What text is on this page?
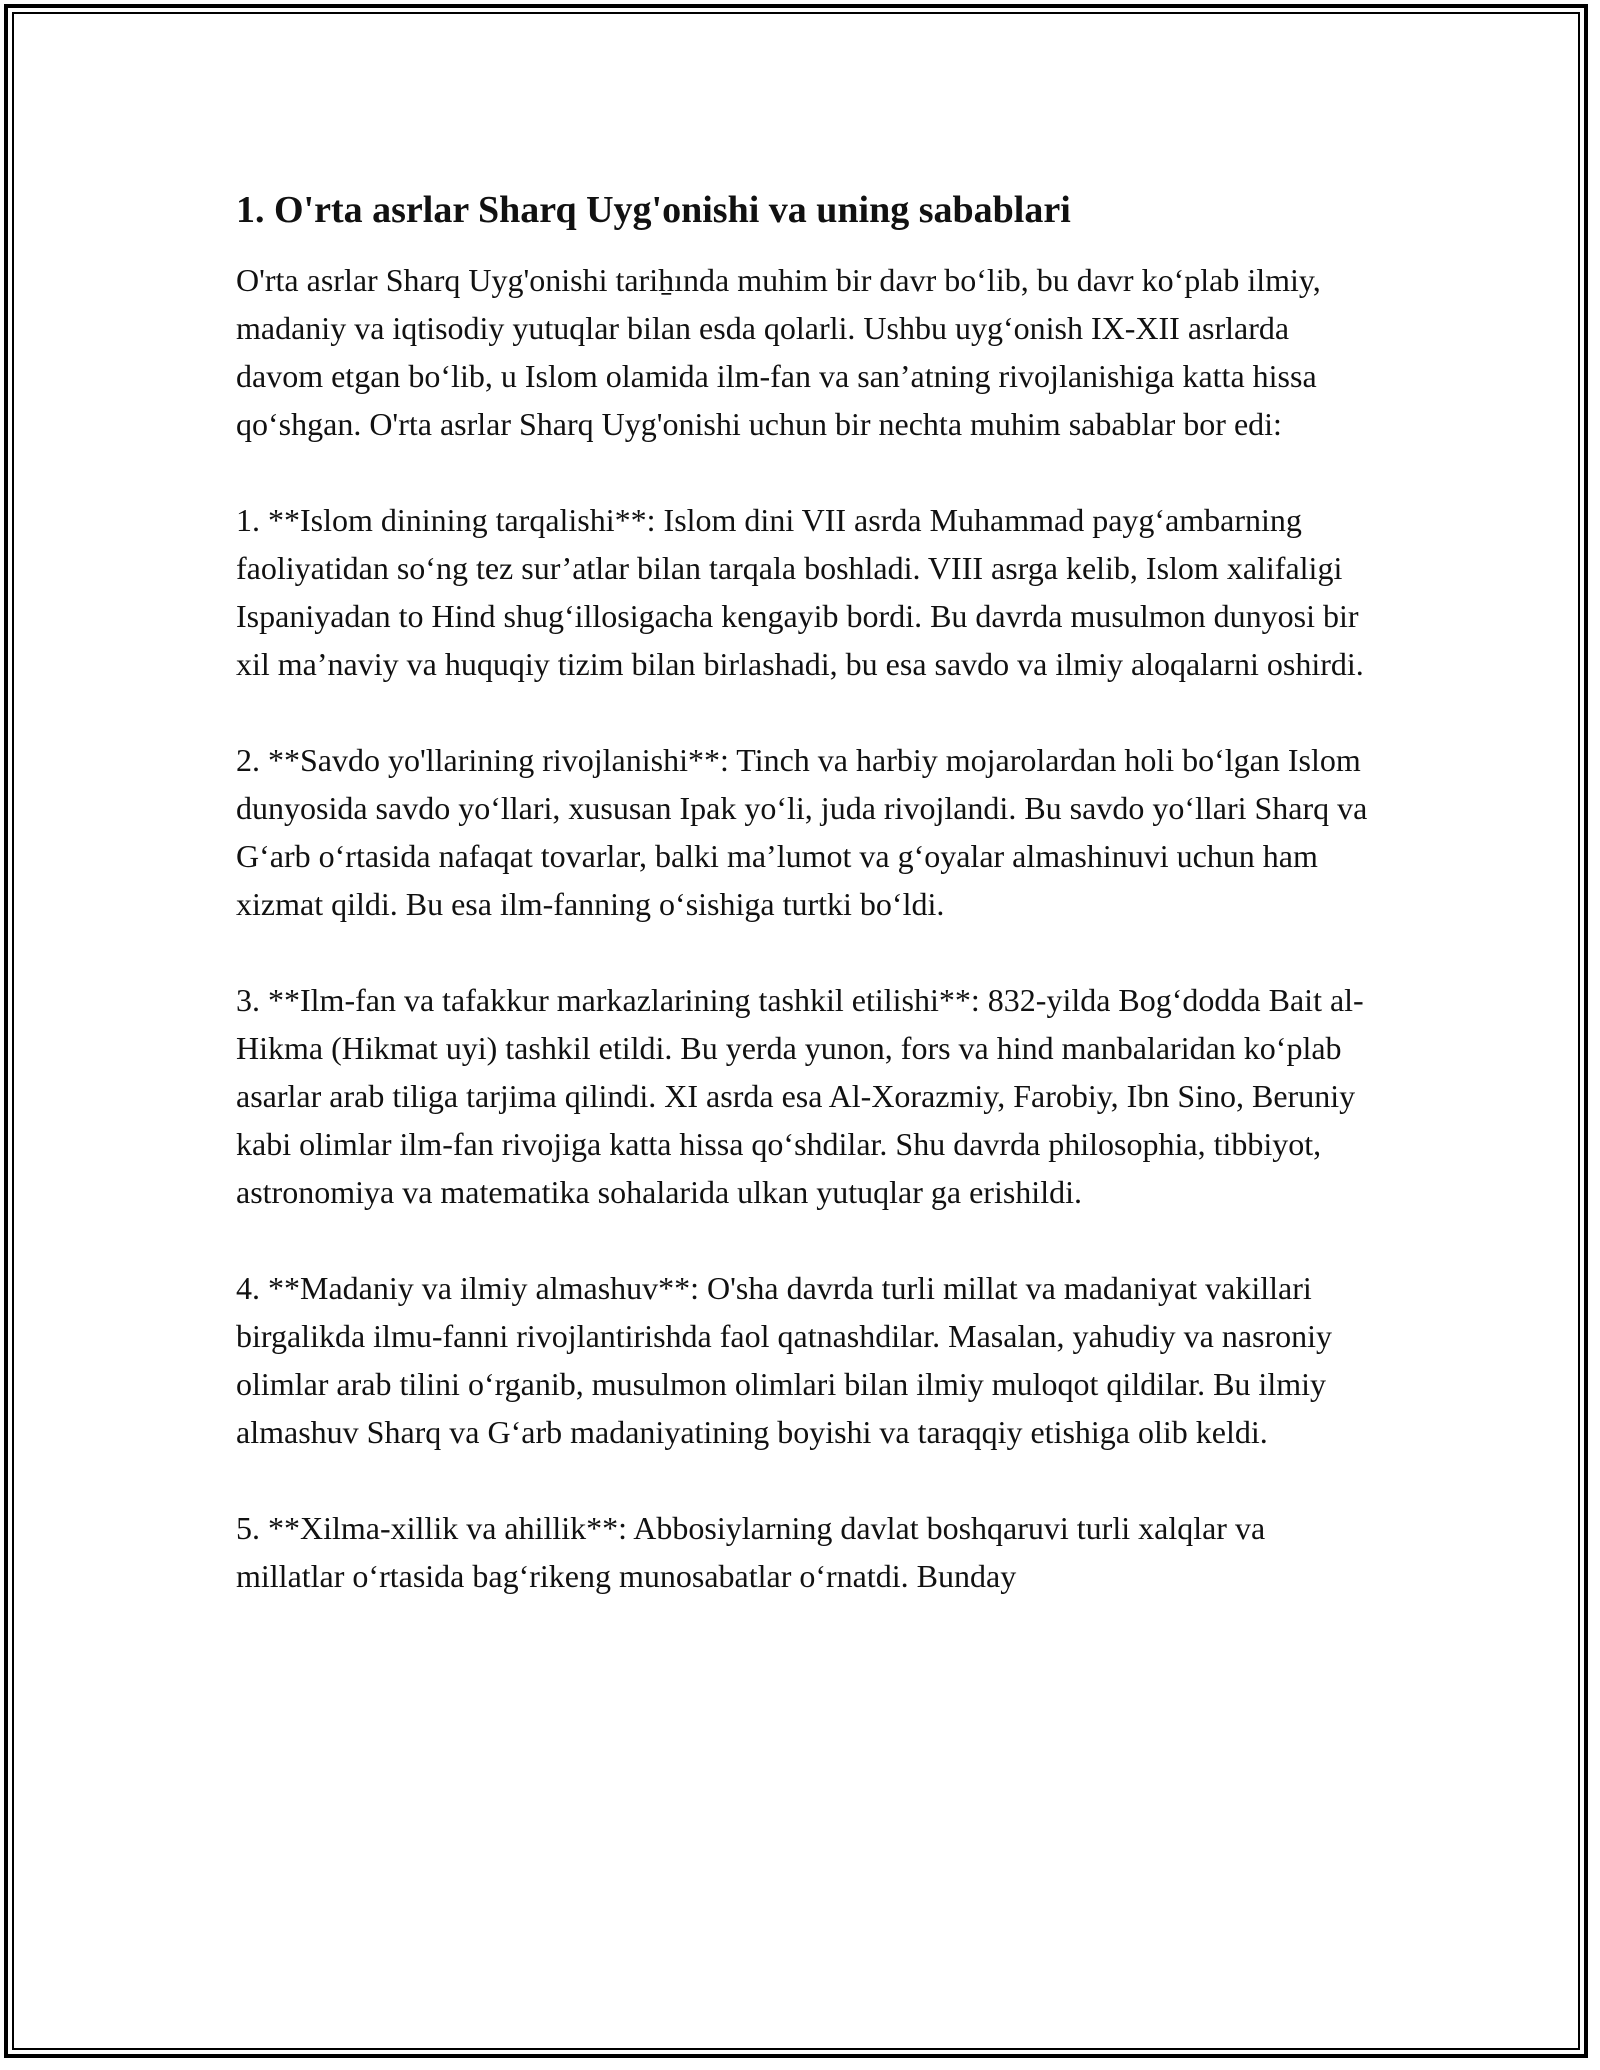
1. O'rta asrlar Sharq Uyg'onishi va uning sabablari

O'rta asrlar Sharq Uyg'onishi tariẖında muhim bir davr bo‘lib, bu davr ko‘plab ilmiy, madaniy va iqtisodiy yutuqlar bilan esda qolarli. Ushbu uyg‘onish IX-XII asrlarda davom etgan bo‘lib, u Islom olamida ilm-fan va san’atning rivojlanishiga katta hissa qo‘shgan. O'rta asrlar Sharq Uyg'onishi uchun bir nechta muhim sabablar bor edi:

1. **Islom dinining tarqalishi**: Islom dini VII asrda Muhammad payg‘ambarning faoliyatidan so‘ng tez sur’atlar bilan tarqala boshladi. VIII asrga kelib, Islom xalifaligi Ispaniyadan to Hind shug‘illosigacha kengayib bordi. Bu davrda musulmon dunyosi bir xil ma’naviy va huquqiy tizim bilan birlashadi, bu esa savdo va ilmiy aloqalarni oshirdi.

2. **Savdo yo'llarining rivojlanishi**: Tinch va harbiy mojarolardan holi bo‘lgan Islom dunyosida savdo yo‘llari, xususan Ipak yo‘li, juda rivojlandi. Bu savdo yo‘llari Sharq va G‘arb o‘rtasida nafaqat tovarlar, balki ma’lumot va g‘oyalar almashinuvi uchun ham xizmat qildi. Bu esa ilm-fanning o‘sishiga turtki bo‘ldi.

3. **Ilm-fan va tafakkur markazlarining tashkil etilishi**: 832-yilda Bog‘dodda Bait al-Hikma (Hikmat uyi) tashkil etildi. Bu yerda yunon, fors va hind manbalaridan ko‘plab asarlar arab tiliga tarjima qilindi. XI asrda esa Al-Xorazmiy, Farobiy, Ibn Sino, Beruniy kabi olimlar ilm-fan rivojiga katta hissa qo‘shdilar. Shu davrda philosophia, tibbiyot, astronomiya va matematika sohalarida ulkan yutuqlar ga erishildi.

4. **Madaniy va ilmiy almashuv**: O'sha davrda turli millat va madaniyat vakillari birgalikda ilmu-fanni rivojlantirishda faol qatnashdilar. Masalan, yahudiy va nasroniy olimlar arab tilini o‘rganib, musulmon olimlari bilan ilmiy muloqot qildilar. Bu ilmiy almashuv Sharq va G‘arb madaniyatining boyishi va taraqqiy etishiga olib keldi.

5. **Xilma-xillik va ahillik**: Abbosiylarning davlat boshqaruvi turli xalqlar va millatlar o‘rtasida bag‘rikeng munosabatlar o‘rnatdi. Bunday
